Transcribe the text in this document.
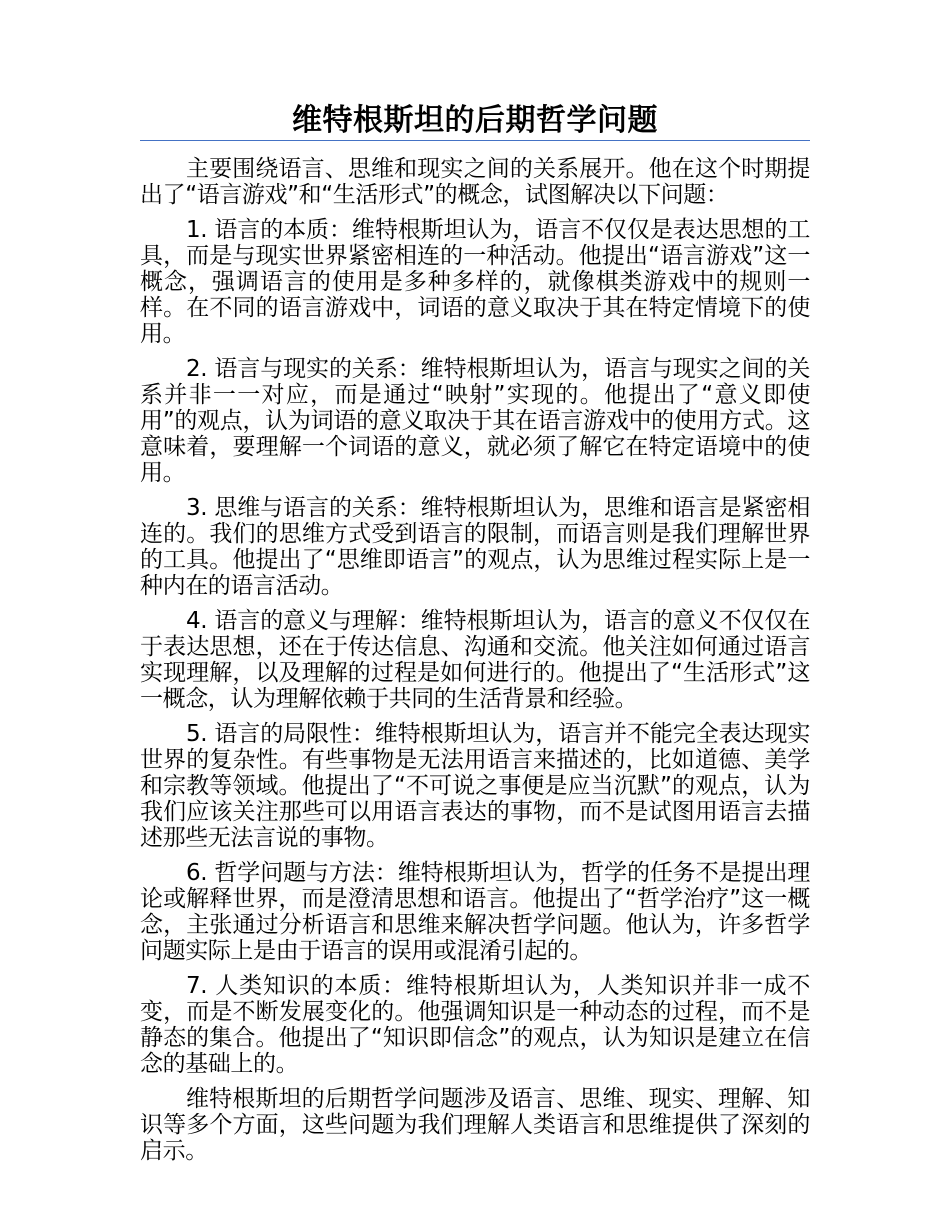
维特根斯坦的后期哲学问题

主要围绕语言、思维和现实之间的关系展开。他在这个时期提出了“语言游戏”和“生活形式”的概念，试图解决以下问题：

1. 语言的本质：维特根斯坦认为，语言不仅仅是表达思想的工具，而是与现实世界紧密相连的一种活动。他提出“语言游戏”这一概念，强调语言的使用是多种多样的，就像棋类游戏中的规则一样。在不同的语言游戏中，词语的意义取决于其在特定情境下的使用。

2. 语言与现实的关系：维特根斯坦认为，语言与现实之间的关系并非一一对应，而是通过“映射”实现的。他提出了“意义即使用”的观点，认为词语的意义取决于其在语言游戏中的使用方式。这意味着，要理解一个词语的意义，就必须了解它在特定语境中的使用。

3. 思维与语言的关系：维特根斯坦认为，思维和语言是紧密相连的。我们的思维方式受到语言的限制，而语言则是我们理解世界的工具。他提出了“思维即语言”的观点，认为思维过程实际上是一种内在的语言活动。

4. 语言的意义与理解：维特根斯坦认为，语言的意义不仅仅在于表达思想，还在于传达信息、沟通和交流。他关注如何通过语言实现理解，以及理解的过程是如何进行的。他提出了“生活形式”这一概念，认为理解依赖于共同的生活背景和经验。

5. 语言的局限性：维特根斯坦认为，语言并不能完全表达现实世界的复杂性。有些事物是无法用语言来描述的，比如道德、美学和宗教等领域。他提出了“不可说之事便是应当沉默”的观点，认为我们应该关注那些可以用语言表达的事物，而不是试图用语言去描述那些无法言说的事物。

6. 哲学问题与方法：维特根斯坦认为，哲学的任务不是提出理论或解释世界，而是澄清思想和语言。他提出了“哲学治疗”这一概念，主张通过分析语言和思维来解决哲学问题。他认为，许多哲学问题实际上是由于语言的误用或混淆引起的。

7. 人类知识的本质：维特根斯坦认为，人类知识并非一成不变，而是不断发展变化的。他强调知识是一种动态的过程，而不是静态的集合。他提出了“知识即信念”的观点，认为知识是建立在信念的基础上的。

维特根斯坦的后期哲学问题涉及语言、思维、现实、理解、知识等多个方面，这些问题为我们理解人类语言和思维提供了深刻的启示。
